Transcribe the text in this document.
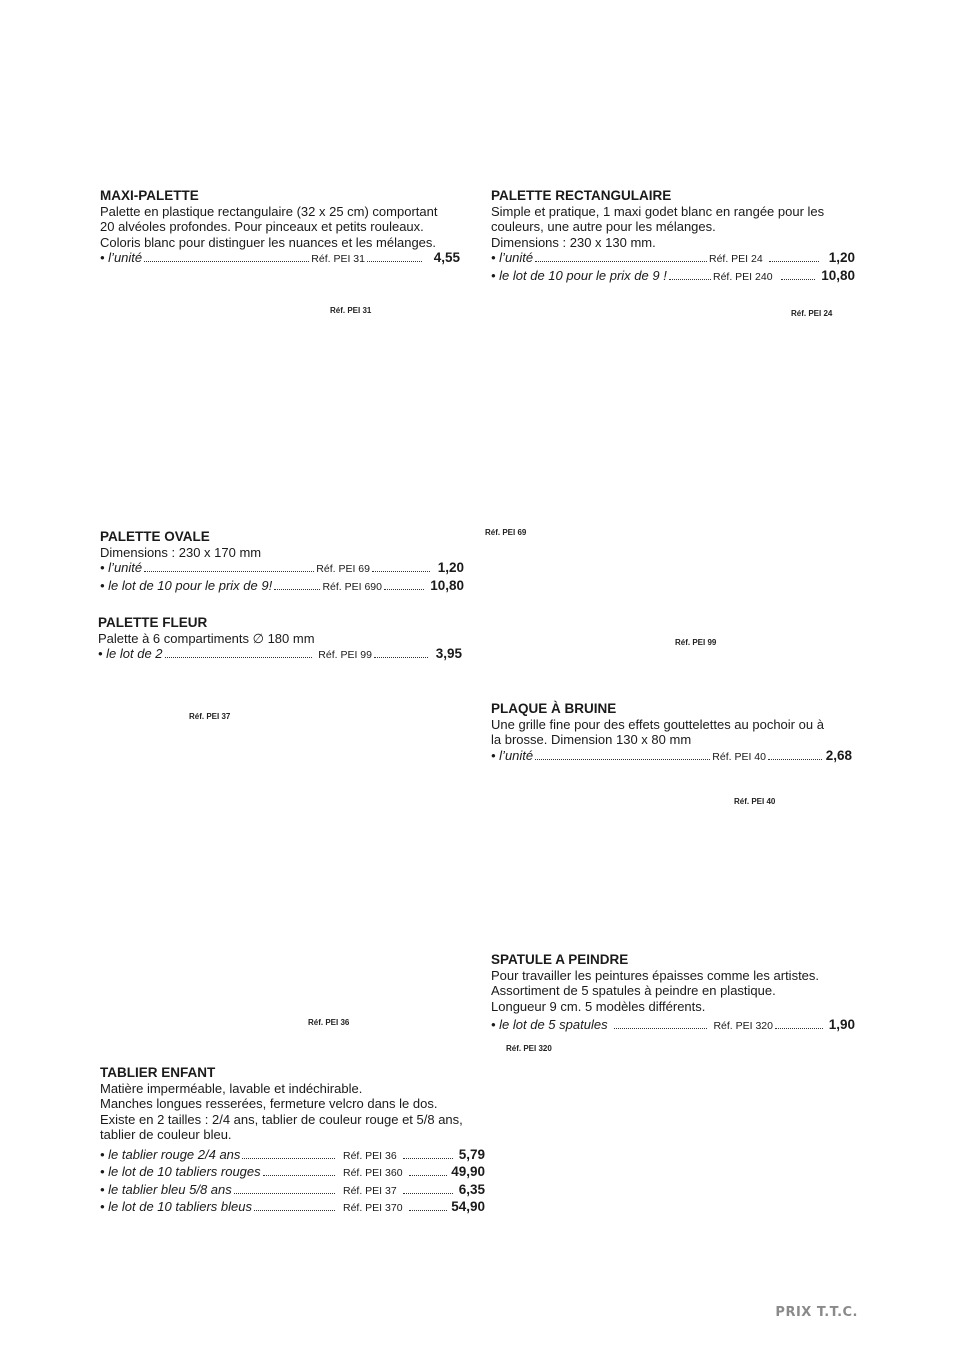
MAXI-PALETTE
Palette en plastique rectangulaire (32 x 25 cm) comportant
20 alvéoles profondes. Pour pinceaux et petits rouleaux.
Coloris blanc pour distinguer les nuances et les mélanges.
• l’unité	Réf. PEI 31	4,55
Réf. PEI 31
PALETTE RECTANGULAIRE
Simple et pratique, 1 maxi godet blanc en rangée pour les
couleurs, une autre pour les mélanges.
Dimensions : 230 x 130 mm.
• l’unité	Réf. PEI 24	1,20
• le lot de 10 pour le prix de 9 !	Réf. PEI 240	10,80
Réf. PEI 24
PALETTE OVALE
Dimensions : 230 x 170 mm
• l’unité	Réf. PEI 69	1,20
• le lot de 10 pour le prix de 9!	Réf. PEI 690	10,80
Réf. PEI 69
PALETTE FLEUR
Palette à 6 compartiments ∅ 180 mm
• le lot de 2	Réf. PEI 99	3,95
Réf. PEI 99
Réf. PEI 37
PLAQUE À BRUINE
Une grille fine pour des effets gouttelettes au pochoir ou à
la brosse. Dimension 130 x 80 mm
• l’unité	Réf. PEI 40	2,68
Réf. PEI 40
SPATULE A PEINDRE
Pour travailler les peintures épaisses comme les artistes.
Assortiment de 5 spatules à peindre en plastique.
Longueur 9 cm. 5 modèles différents.
• le lot de 5 spatules	Réf. PEI 320	1,90
Réf. PEI 36
Réf. PEI 320
TABLIER ENFANT
Matière imperméable, lavable et indéchirable.
Manches longues resserées, fermeture velcro dans le dos.
Existe en 2 tailles : 2/4 ans, tablier de couleur rouge et 5/8 ans,
tablier de couleur bleu.
• le tablier rouge 2/4 ans	Réf. PEI 36	5,79
• le lot de 10 tabliers rouges	Réf. PEI 360	49,90
• le tablier bleu 5/8 ans	Réf. PEI 37	6,35
• le lot de 10 tabliers bleus	Réf. PEI 370	54,90
PRIX T.T.C.
